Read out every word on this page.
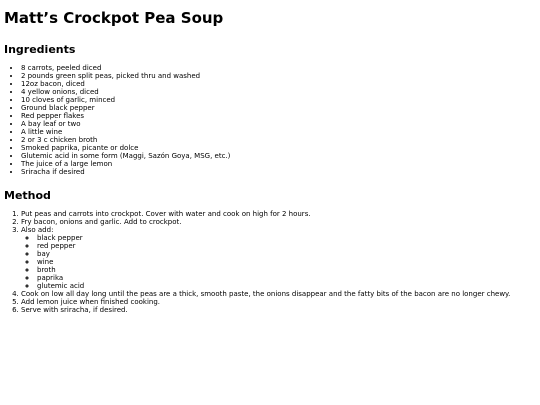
Matt’s Crockpot Pea Soup
Ingredients
• 8 carrots, peeled diced
• 2 pounds green split peas, picked thru and washed
• 12oz bacon, diced
• 4 yellow onions, diced
• 10 cloves of garlic, minced
• Ground black pepper
• Red pepper flakes
• A bay leaf or two
• A little wine
• 2 or 3 c chicken broth
• Smoked paprika, picante or dolce
• Glutemic acid in some form (Maggi, Sazón Goya, MSG, etc.)
• The juice of a large lemon
• Sriracha if desired
Method
1. Put peas and carrots into crockpot. Cover with water and cook on high for 2 hours.
2. Fry bacon, onions and garlic. Add to crockpot.
3. Also add:
◦ black pepper
◦ red pepper
◦ bay
◦ wine
◦ broth
◦ paprika
◦ glutemic acid
4. Cook on low all day long until the peas are a thick, smooth paste, the onions disappear and the fatty bits of the bacon are no longer chewy.
5. Add lemon juice when finished cooking.
6. Serve with sriracha, if desired.
